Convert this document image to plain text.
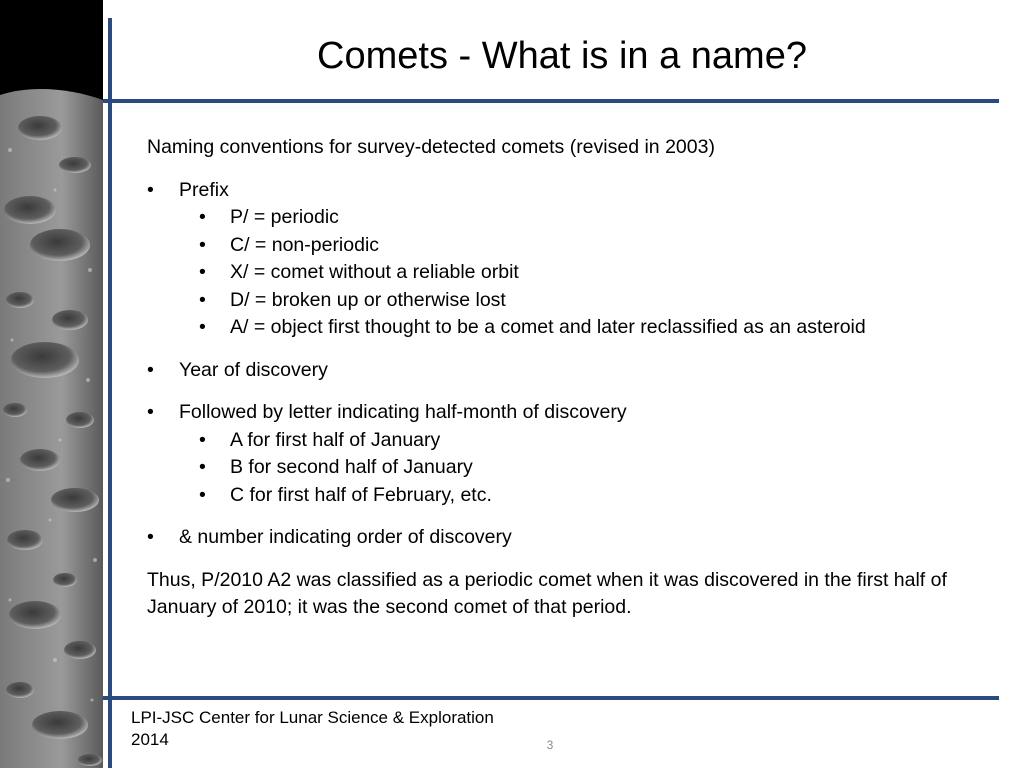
Comets - What is in a name?

Naming conventions for survey-detected comets (revised in 2003)

• Prefix
• P/ = periodic
• C/ = non-periodic
• X/ = comet without a reliable orbit
• D/ = broken up or otherwise lost
• A/ = object first thought to be a comet and later reclassified as an asteroid
• Year of discovery
• Followed by letter indicating half-month of discovery
• A for first half of January
• B for second half of January
• C for first half of February, etc.
• & number indicating order of discovery

Thus, P/2010 A2 was classified as a periodic comet when it was discovered in the first half of January of 2010; it was the second comet of that period.

LPI-JSC Center for Lunar Science & Exploration
2014	3
